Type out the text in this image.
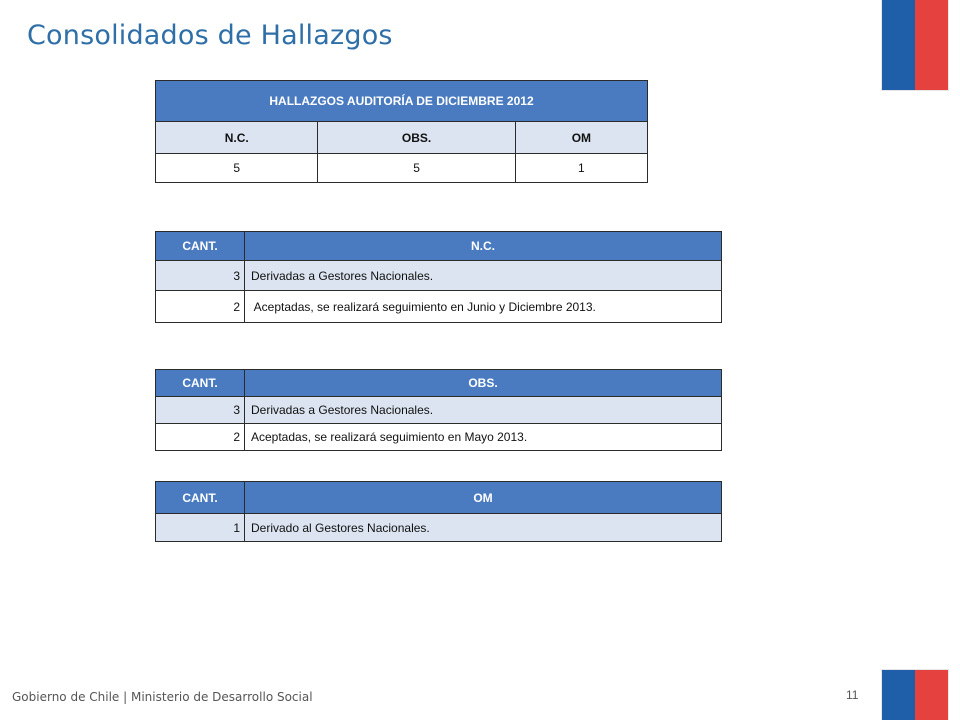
Consolidados de Hallazgos
HALLAZGOS AUDITORÍA DE DICIEMBRE 2012		
N.C.	OBS.	OM
5	5	1
CANT.	N.C.
3	Derivadas a Gestores Nacionales.
2	Aceptadas, se realizará seguimiento en Junio y Diciembre 2013.
CANT.	OBS.
3	Derivadas a Gestores Nacionales.
2	Aceptadas, se realizará seguimiento en Mayo 2013.
CANT.	OM
1	Derivado al Gestores Nacionales.
Gobierno de Chile | Ministerio de Desarrollo Social	11
